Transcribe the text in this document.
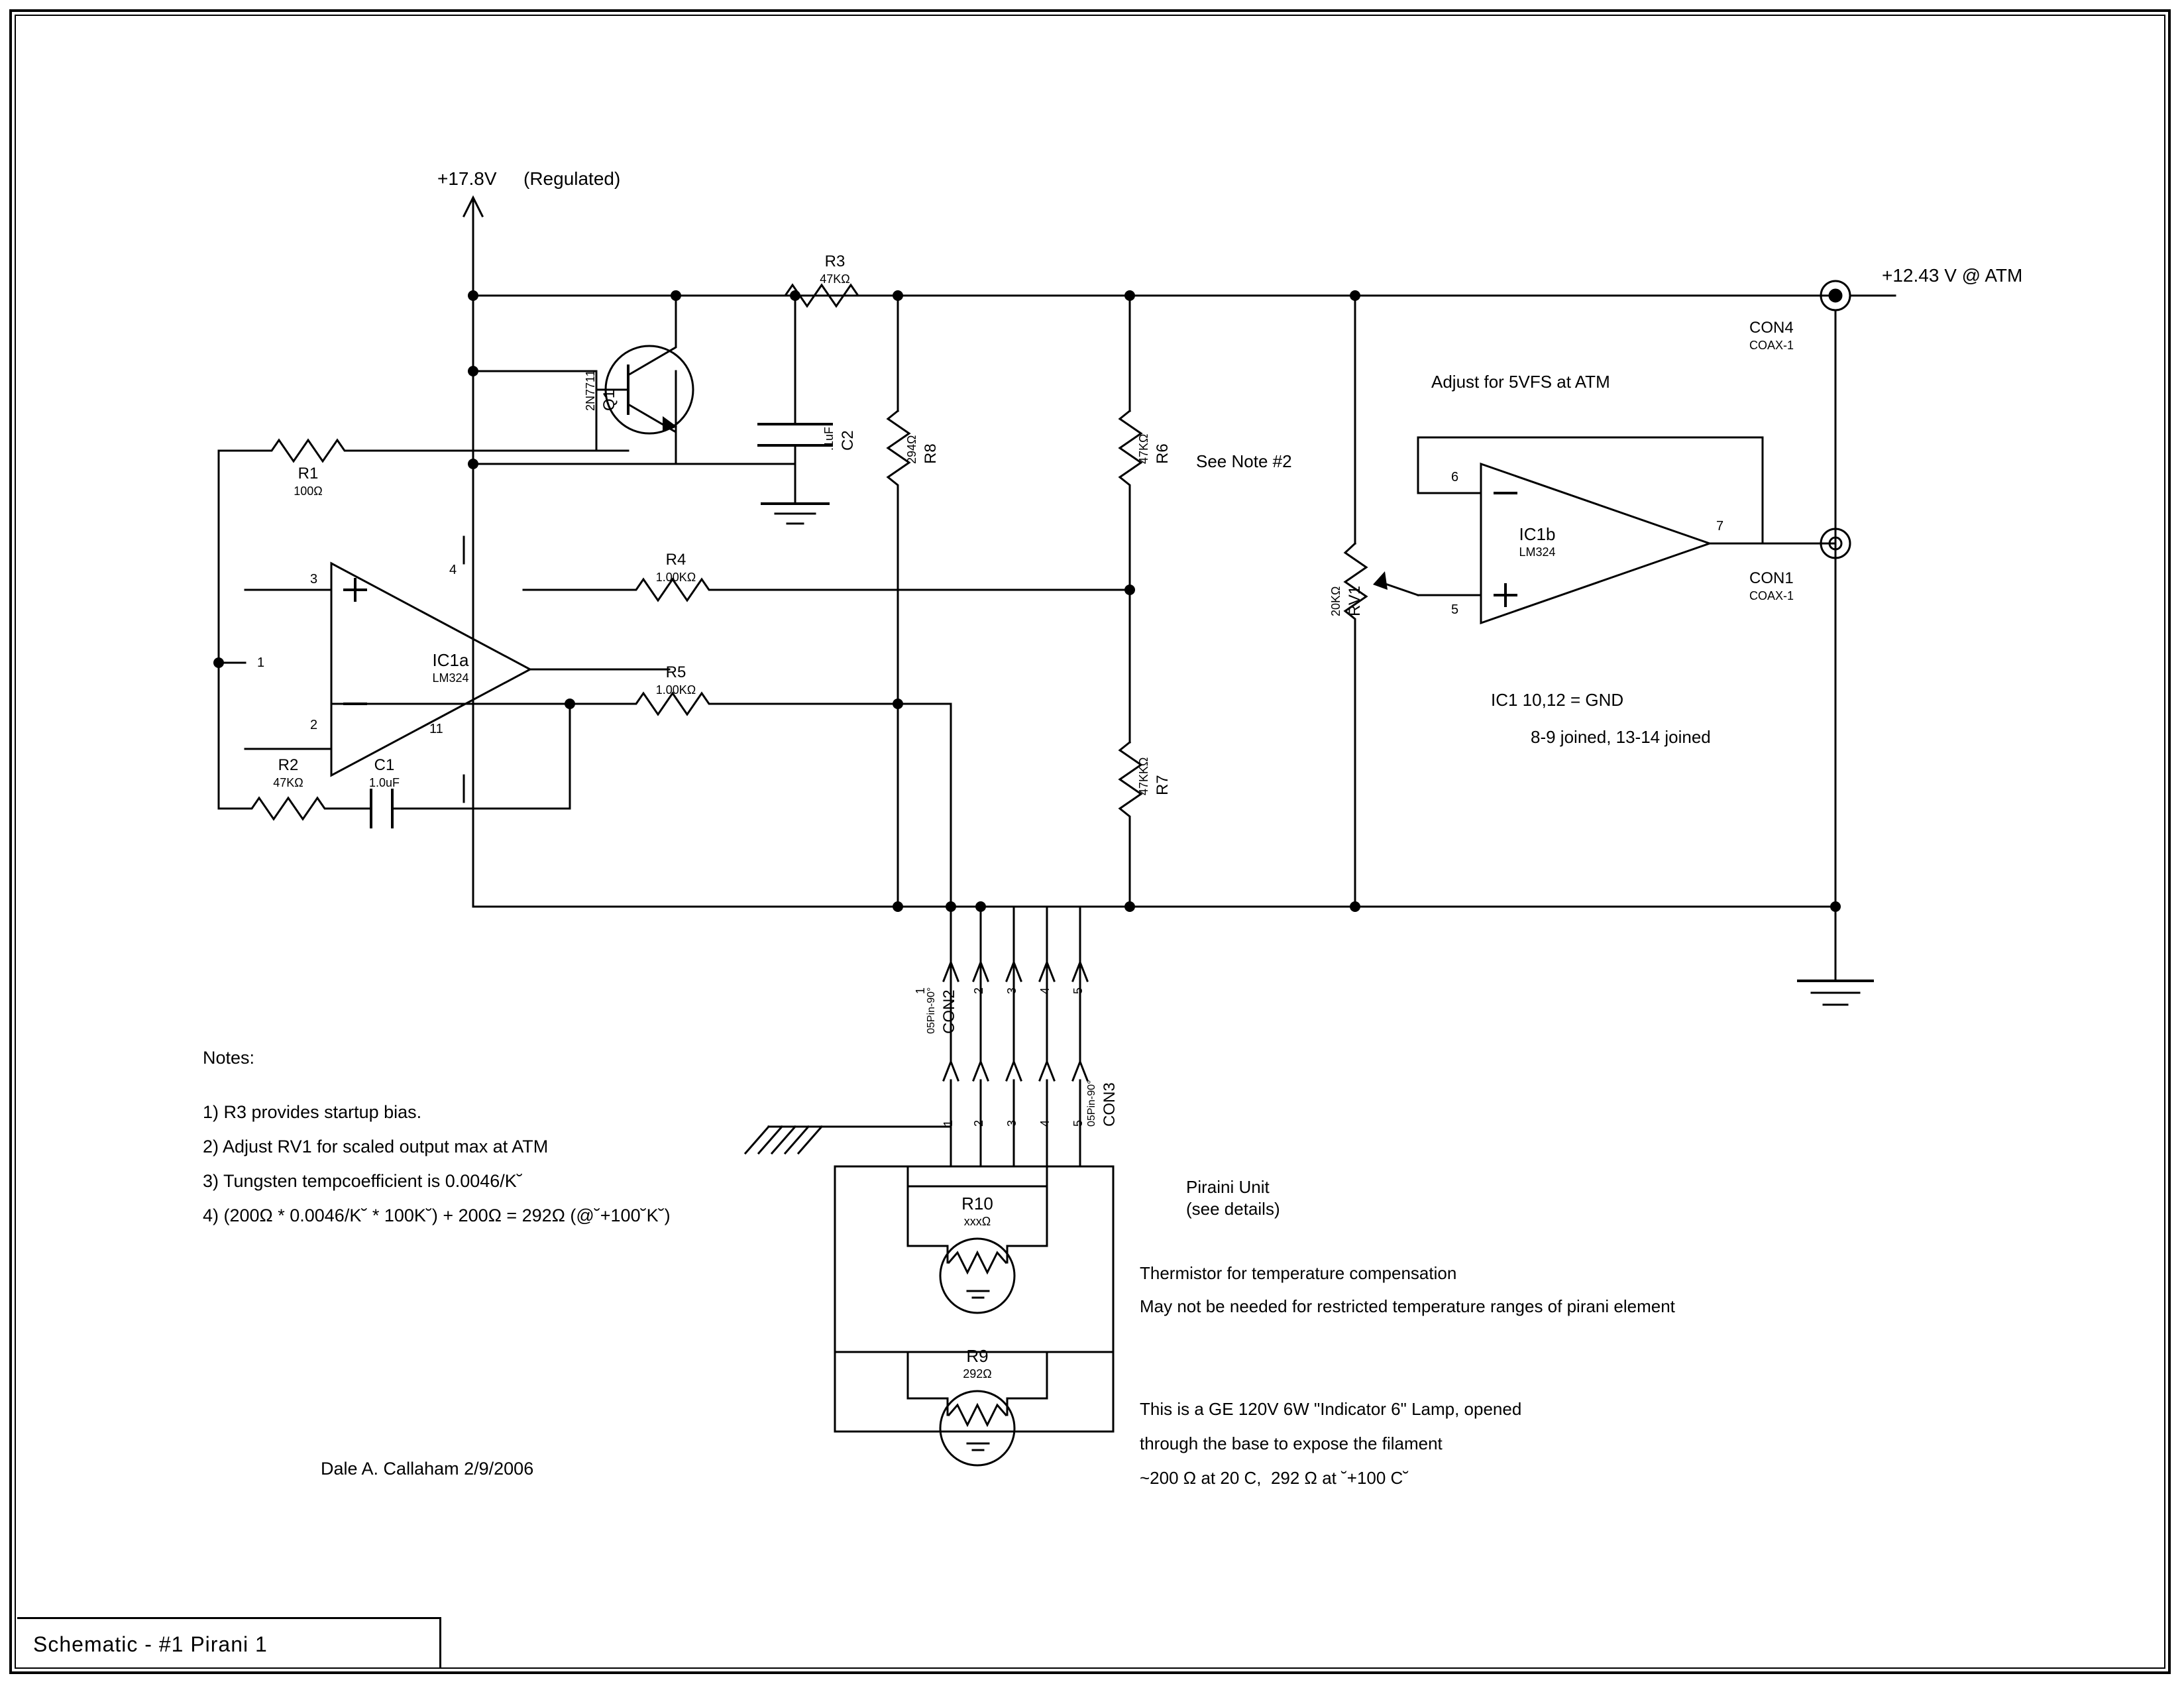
Schematic - #1 Pirani 1
+17.8V (Regulated)
R3
47KΩ
Q1
2N7711
C2
.1uF
R8
294Ω	R6
47KΩ
R7
47KKΩ
See Note #2
R1
100Ω
R2
47KΩ
C1
1.0uF
IC1a
LM324
4
3
1
2	11
R4
1.00KΩ
R5
1.00KΩ
Adjust for 5VFS at ATM
IC1b
LM324
6
5
7
RV1
20KΩ
IC1 10,12 = GND
8-9 joined, 13-14 joined
+12.43 V @ ATM
CON4
COAX-1
CON1
COAX-1
CON2
05Pin-90°
1	2 3 4 5
CON3
05Pin-90°
1 2 3 4 5
Piraini Unit
(see details)
R10
xxxΩ
R9
292Ω
Thermistor for temperature compensation
May not be needed for restricted temperature ranges of pirani element
This is a GE 120V 6W "Indicator 6" Lamp, opened
through the base to expose the filament
~200 Ω at 20 C,  292 Ω at ˘+100 C˘
Notes:
1) R3 provides startup bias.
2) Adjust RV1 for scaled output max at ATM
3) Tungsten tempcoefficient is 0.0046/K˘
4) (200Ω * 0.0046/K˘ * 100K˘) + 200Ω = 292Ω (@˘+100˘K˘)
Dale A. Callaham 2/9/2006
